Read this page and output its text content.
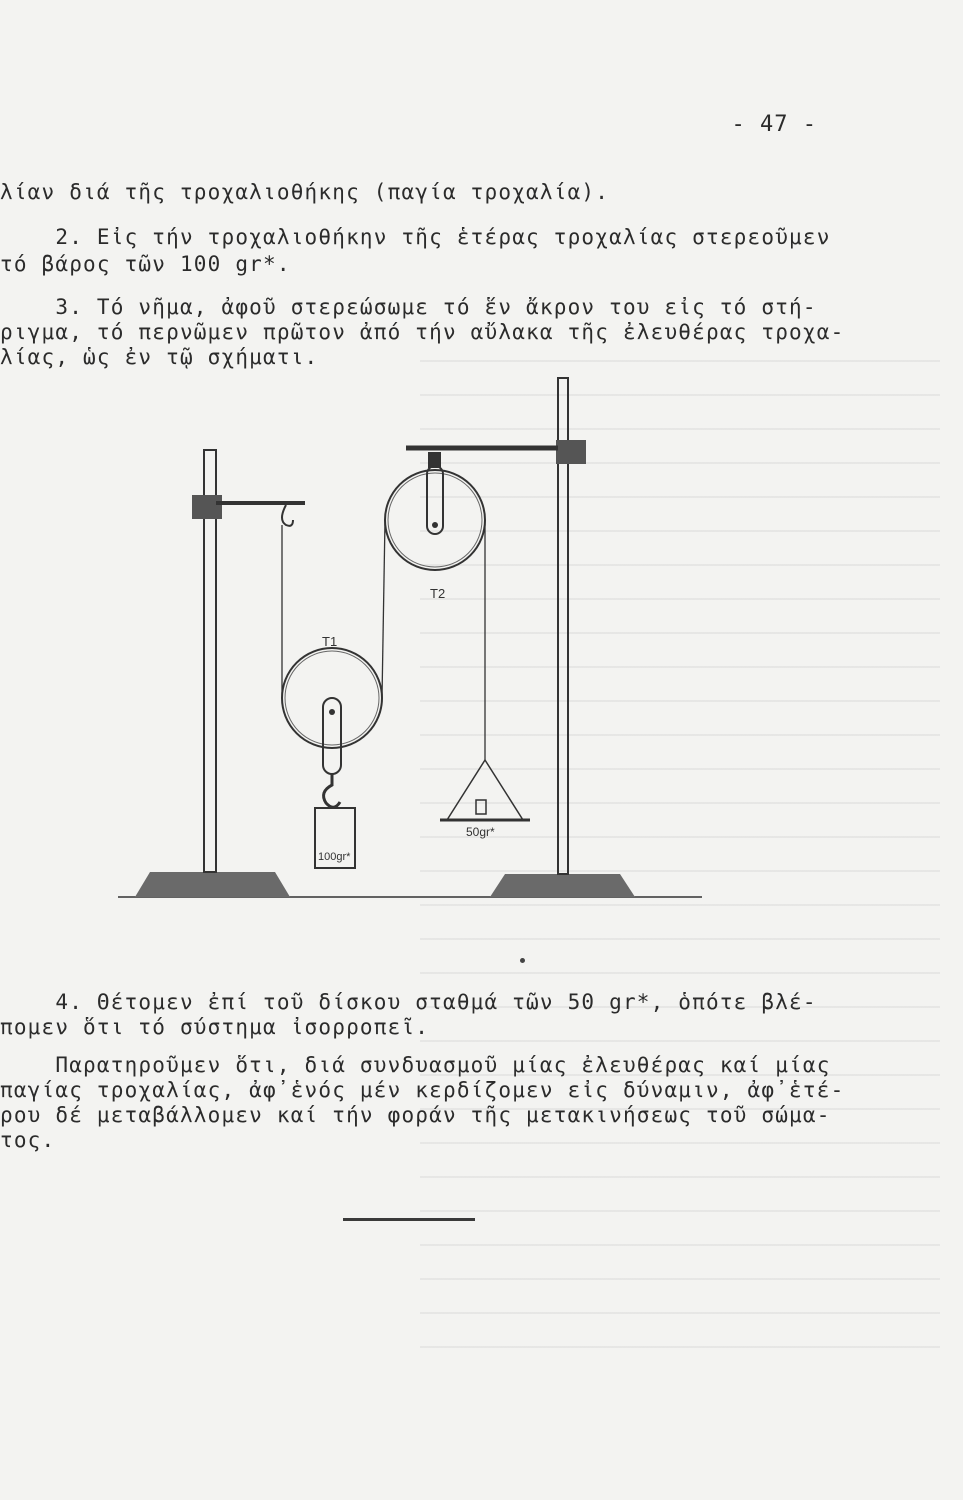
- 47 -
λίαν διά τῆς τροχαλιοθήκης (παγία τροχαλία).
2. Εἰς τήν τροχαλιοθήκην τῆς ἑτέρας τροχαλίας στερεοῦμεν
τό βάρος τῶν 100 gr*.
3. Τό νῆμα, ἀφοῦ στερεώσωμε τό ἕν ἄκρον του εἰς τό στή-
ριγμα, τό περνῶμεν πρῶτον ἀπό τήν αὔλακα τῆς ἐλευθέρας τροχα-
λίας, ὡς ἐν τῷ σχήματι.
T2
T1
100gr*
50gr*
4. Θέτομεν ἐπί τοῦ δίσκου σταθμά τῶν 50 gr*, ὁπότε βλέ-
πομεν ὅτι τό σύστημα ἰσορροπεῖ.
Παρατηροῦμεν ὅτι, διά συνδυασμοῦ μίας ἐλευθέρας καί μίας
παγίας τροχαλίας, ἀφ᾽ἑνός μέν κερδίζομεν εἰς δύναμιν, ἀφ᾽ἑτέ-
ρου δέ μεταβάλλομεν καί τήν φοράν τῆς μετακινήσεως τοῦ σώμα-
τος.
